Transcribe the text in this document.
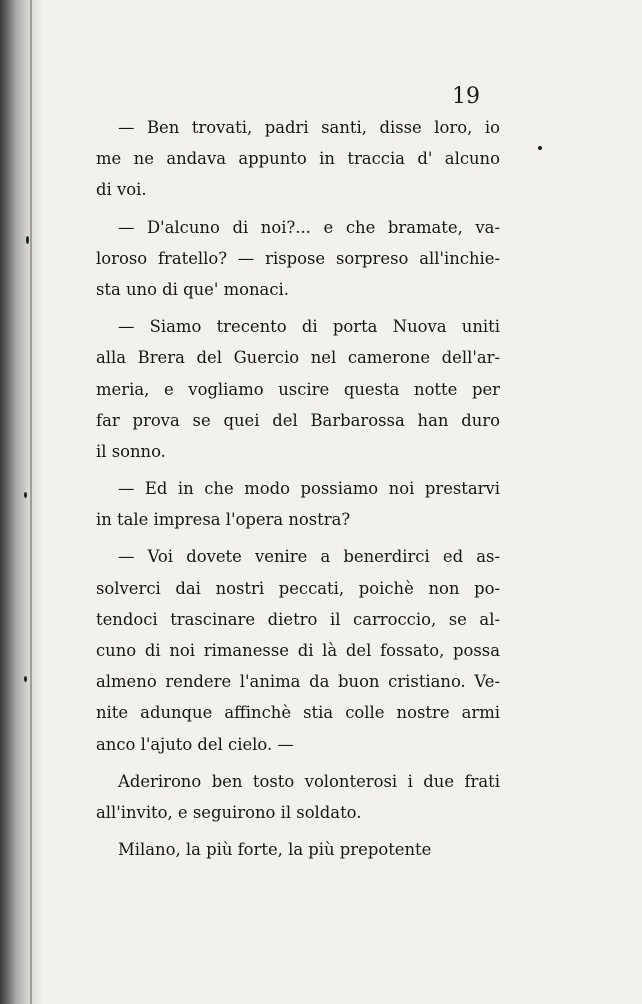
19
— Ben trovati, padri santi, disse loro, io
me ne andava appunto in traccia d' alcuno
di voi.
— D'alcuno di noi?... e che bramate, va-
loroso fratello? — rispose sorpreso all'inchie-
sta uno di que' monaci.
— Siamo trecento di porta Nuova uniti
alla Brera del Guercio nel camerone dell'ar-
meria, e vogliamo uscire questa notte per
far prova se quei del Barbarossa han duro
il sonno.
— Ed in che modo possiamo noi prestarvi
in tale impresa l'opera nostra?
— Voi dovete venire a benerdirci ed as-
solverci dai nostri peccati, poichè non po-
tendoci trascinare dietro il carroccio, se al-
cuno di noi rimanesse di là del fossato, possa
almeno rendere l'anima da buon cristiano. Ve-
nite adunque affinchè stia colle nostre armi
anco l'ajuto del cielo. —
Aderirono ben tosto volonterosi i due frati
all'invito, e seguirono il soldato.
Milano, la più forte, la più prepotente
